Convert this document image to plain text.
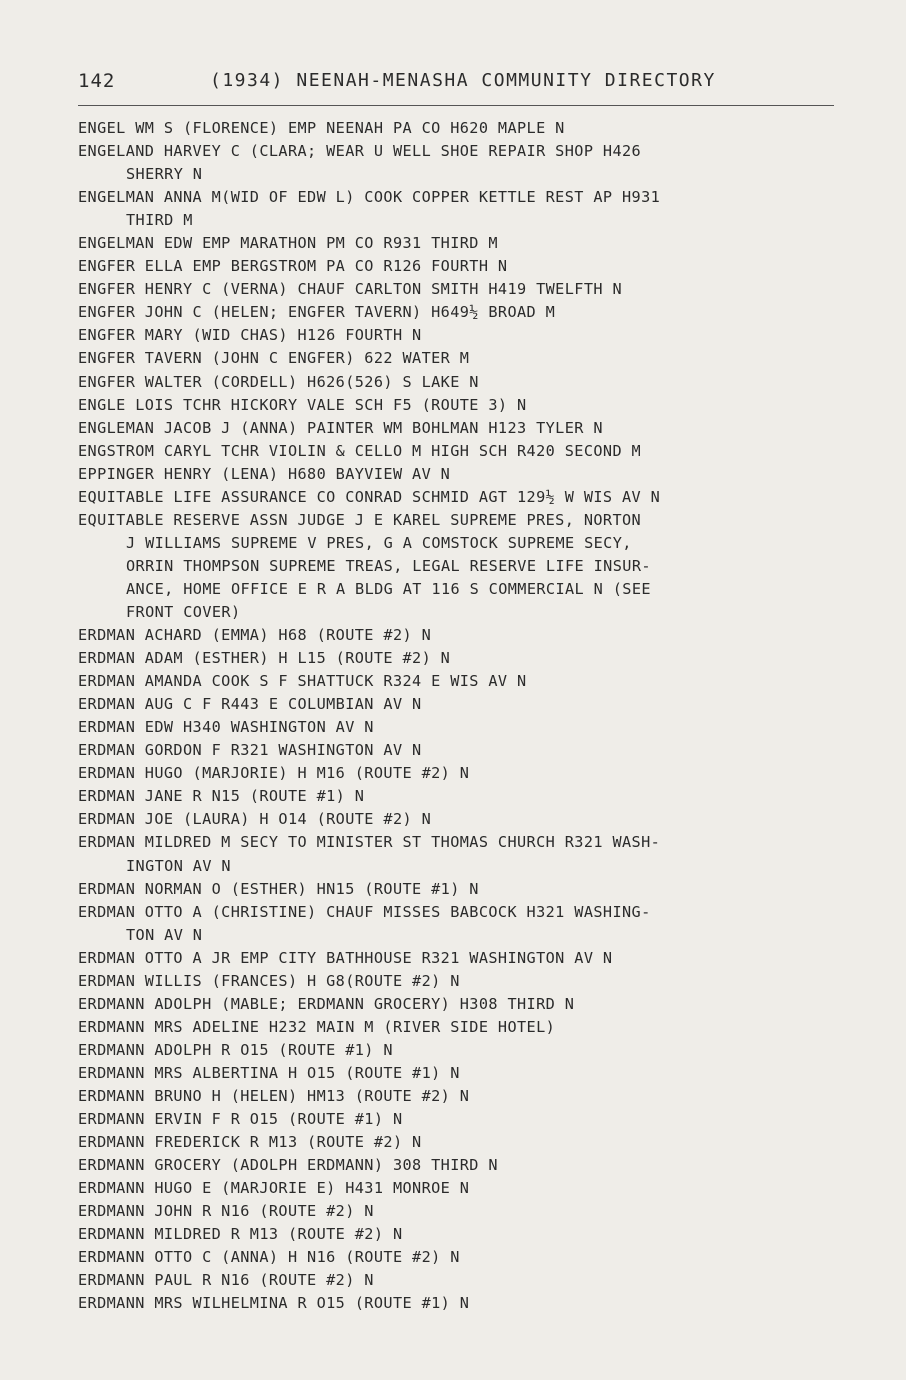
142	(1934) NEENAH-MENASHA COMMUNITY DIRECTORY
ENGEL WM S (FLORENCE) EMP NEENAH PA CO H620 MAPLE N
ENGELAND HARVEY C (CLARA; WEAR U WELL SHOE REPAIR SHOP H426
SHERRY N
ENGELMAN ANNA M(WID OF EDW L) COOK COPPER KETTLE REST AP H931
THIRD M
ENGELMAN EDW EMP MARATHON PM CO R931 THIRD M
ENGFER ELLA EMP BERGSTROM PA CO R126 FOURTH N
ENGFER HENRY C (VERNA) CHAUF CARLTON SMITH H419 TWELFTH N
ENGFER JOHN C (HELEN; ENGFER TAVERN) H649½ BROAD M
ENGFER MARY (WID CHAS) H126 FOURTH N
ENGFER TAVERN (JOHN C ENGFER) 622 WATER M
ENGFER WALTER (CORDELL) H626(526) S LAKE N
ENGLE LOIS TCHR HICKORY VALE SCH F5 (ROUTE 3) N
ENGLEMAN JACOB J (ANNA) PAINTER WM BOHLMAN H123 TYLER N
ENGSTROM CARYL TCHR VIOLIN & CELLO M HIGH SCH R420 SECOND M
EPPINGER HENRY (LENA) H680 BAYVIEW AV N
EQUITABLE LIFE ASSURANCE CO CONRAD SCHMID AGT 129½ W WIS AV N
EQUITABLE RESERVE ASSN JUDGE J E KAREL SUPREME PRES, NORTON
J WILLIAMS SUPREME V PRES, G A COMSTOCK SUPREME SECY,
ORRIN THOMPSON SUPREME TREAS, LEGAL RESERVE LIFE INSUR-
ANCE, HOME OFFICE E R A BLDG AT 116 S COMMERCIAL N (SEE
FRONT COVER)
ERDMAN ACHARD (EMMA) H68 (ROUTE #2) N
ERDMAN ADAM (ESTHER) H L15 (ROUTE #2) N
ERDMAN AMANDA COOK S F SHATTUCK R324 E WIS AV N
ERDMAN AUG C F R443 E COLUMBIAN AV N
ERDMAN EDW H340 WASHINGTON AV N
ERDMAN GORDON F R321 WASHINGTON AV N
ERDMAN HUGO (MARJORIE) H M16 (ROUTE #2) N
ERDMAN JANE R N15 (ROUTE #1) N
ERDMAN JOE (LAURA) H O14 (ROUTE #2) N
ERDMAN MILDRED M SECY TO MINISTER ST THOMAS CHURCH R321 WASH-
INGTON AV N
ERDMAN NORMAN O (ESTHER) HN15 (ROUTE #1) N
ERDMAN OTTO A (CHRISTINE) CHAUF MISSES BABCOCK H321 WASHING-
TON AV N
ERDMAN OTTO A JR EMP CITY BATHHOUSE R321 WASHINGTON AV N
ERDMAN WILLIS (FRANCES) H G8(ROUTE #2) N
ERDMANN ADOLPH (MABLE; ERDMANN GROCERY) H308 THIRD N
ERDMANN MRS ADELINE H232 MAIN M (RIVER SIDE HOTEL)
ERDMANN ADOLPH R O15 (ROUTE #1) N
ERDMANN MRS ALBERTINA H O15 (ROUTE #1) N
ERDMANN BRUNO H (HELEN) HM13 (ROUTE #2) N
ERDMANN ERVIN F R O15 (ROUTE #1) N
ERDMANN FREDERICK R M13 (ROUTE #2) N
ERDMANN GROCERY (ADOLPH ERDMANN) 308 THIRD N
ERDMANN HUGO E (MARJORIE E) H431 MONROE N
ERDMANN JOHN R N16 (ROUTE #2) N
ERDMANN MILDRED R M13 (ROUTE #2) N
ERDMANN OTTO C (ANNA) H N16 (ROUTE #2) N
ERDMANN PAUL R N16 (ROUTE #2) N
ERDMANN MRS WILHELMINA R O15 (ROUTE #1) N
